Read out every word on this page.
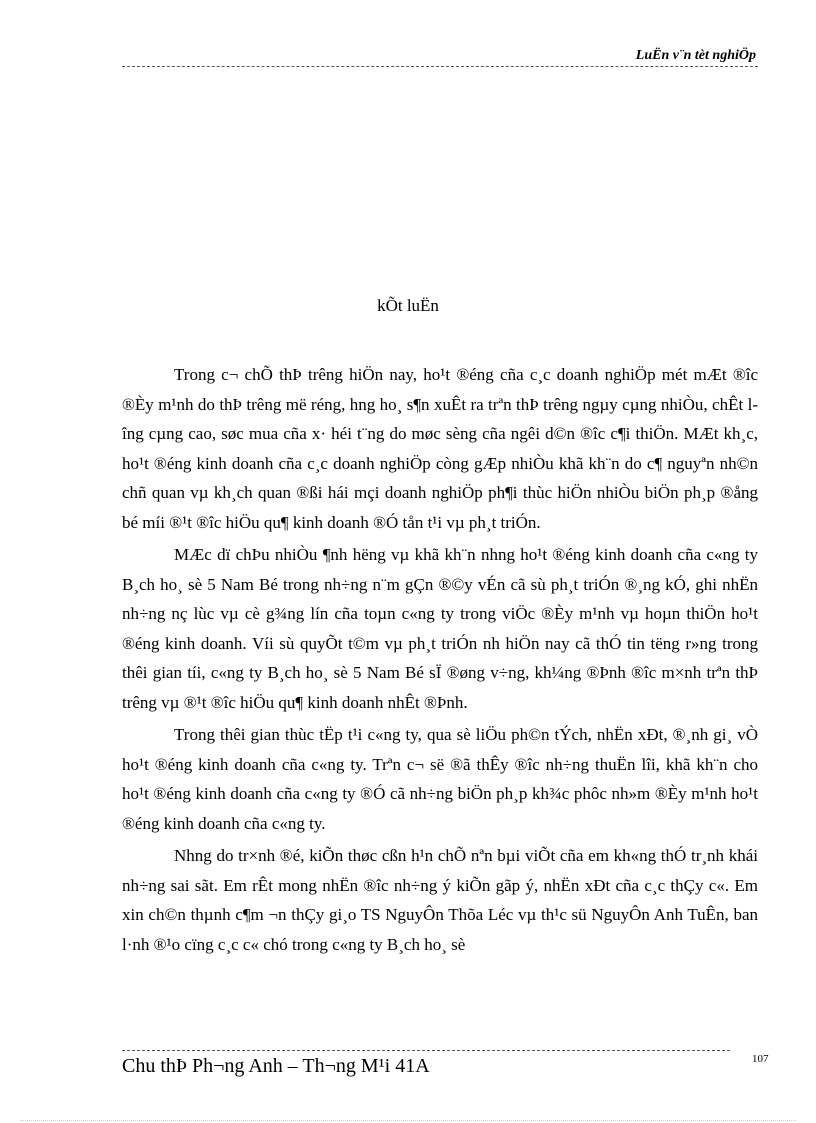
LuËn v¨n tèt nghiÖp
kÕt luËn

Trong c¬ chÕ thÞ trêng hiÖn nay, ho¹t ®éng cña c¸c doanh nghiÖp mét mÆt ®îc ®Èy m¹nh do thÞ trêng më réng, hng ho¸ s¶n xuÊt ra trªn thÞ trêng ngµy cµng nhiÒu, chÊt lîng cµng cao, søc mua cña x· héi t¨ng do møc sèng cña ngêi d©n ®îc c¶i thiÖn. MÆt kh¸c, ho¹t ®éng kinh doanh cña c¸c doanh nghiÖp còng gÆp nhiÒu khã kh¨n do c¶ nguyªn nh©n chñ quan vµ kh¸ch quan ®ßi hái mçi doanh nghiÖp ph¶i thùc hiÖn nhiÒu biÖn ph¸p ®ång bé míi ®¹t ®îc hiÖu qu¶ kinh doanh ®Ó tån t¹i vµ ph¸t triÓn.

MÆc dï chÞu nhiÒu ¶nh hëng vµ khã kh¨n nhng ho¹t ®éng kinh doanh cña c«ng ty B¸ch ho¸ sè 5 Nam Bé trong nh÷ng n¨m gÇn ®©y vÉn cã sù ph¸t triÓn ®¸ng kÓ, ghi nhËn nh÷ng nç lùc vµ cè g¾ng lín cña toµn c«ng ty trong viÖc ®Èy m¹nh vµ hoµn thiÖn ho¹t ®éng kinh doanh. Víi sù quyÕt t©m vµ ph¸t triÓn nh hiÖn nay cã thÓ tin tëng r»ng trong thêi gian tíi, c«ng ty B¸ch ho¸ sè 5 Nam Bé sÏ ®øng v÷ng, kh¼ng ®Þnh ®îc m×nh trªn thÞ trêng vµ ®¹t ®îc hiÖu qu¶ kinh doanh nhÊt ®Þnh.

Trong thêi gian thùc tËp t¹i c«ng ty, qua sè liÖu ph©n tÝch, nhËn xÐt, ®¸nh gi¸ vÒ ho¹t ®éng kinh doanh cña c«ng ty. Trªn c¬ së ®ã thÊy ®îc nh÷ng thuËn lîi, khã kh¨n cho ho¹t ®éng kinh doanh cña c«ng ty ®Ó cã nh÷ng biÖn ph¸p kh¾c phôc nh»m ®Èy m¹nh ho¹t ®éng kinh doanh cña c«ng ty.

Nhng do tr×nh ®é, kiÕn thøc cßn h¹n chÕ nªn bµi viÕt cña em kh«ng thÓ tr¸nh khái nh÷ng sai sãt. Em rÊt mong nhËn ®îc nh÷ng ý kiÕn gãp ý, nhËn xÐt cña c¸c thÇy c«. Em xin ch©n thµnh c¶m ¬n thÇy gi¸o TS NguyÔn Thõa Léc vµ th¹c sü NguyÔn Anh TuÊn, ban l·nh ®¹o cïng c¸c c« chó trong c«ng ty B¸ch ho¸ sè

Chu thÞ Ph¬ng Anh – Th¬ng M¹i 41A	107
